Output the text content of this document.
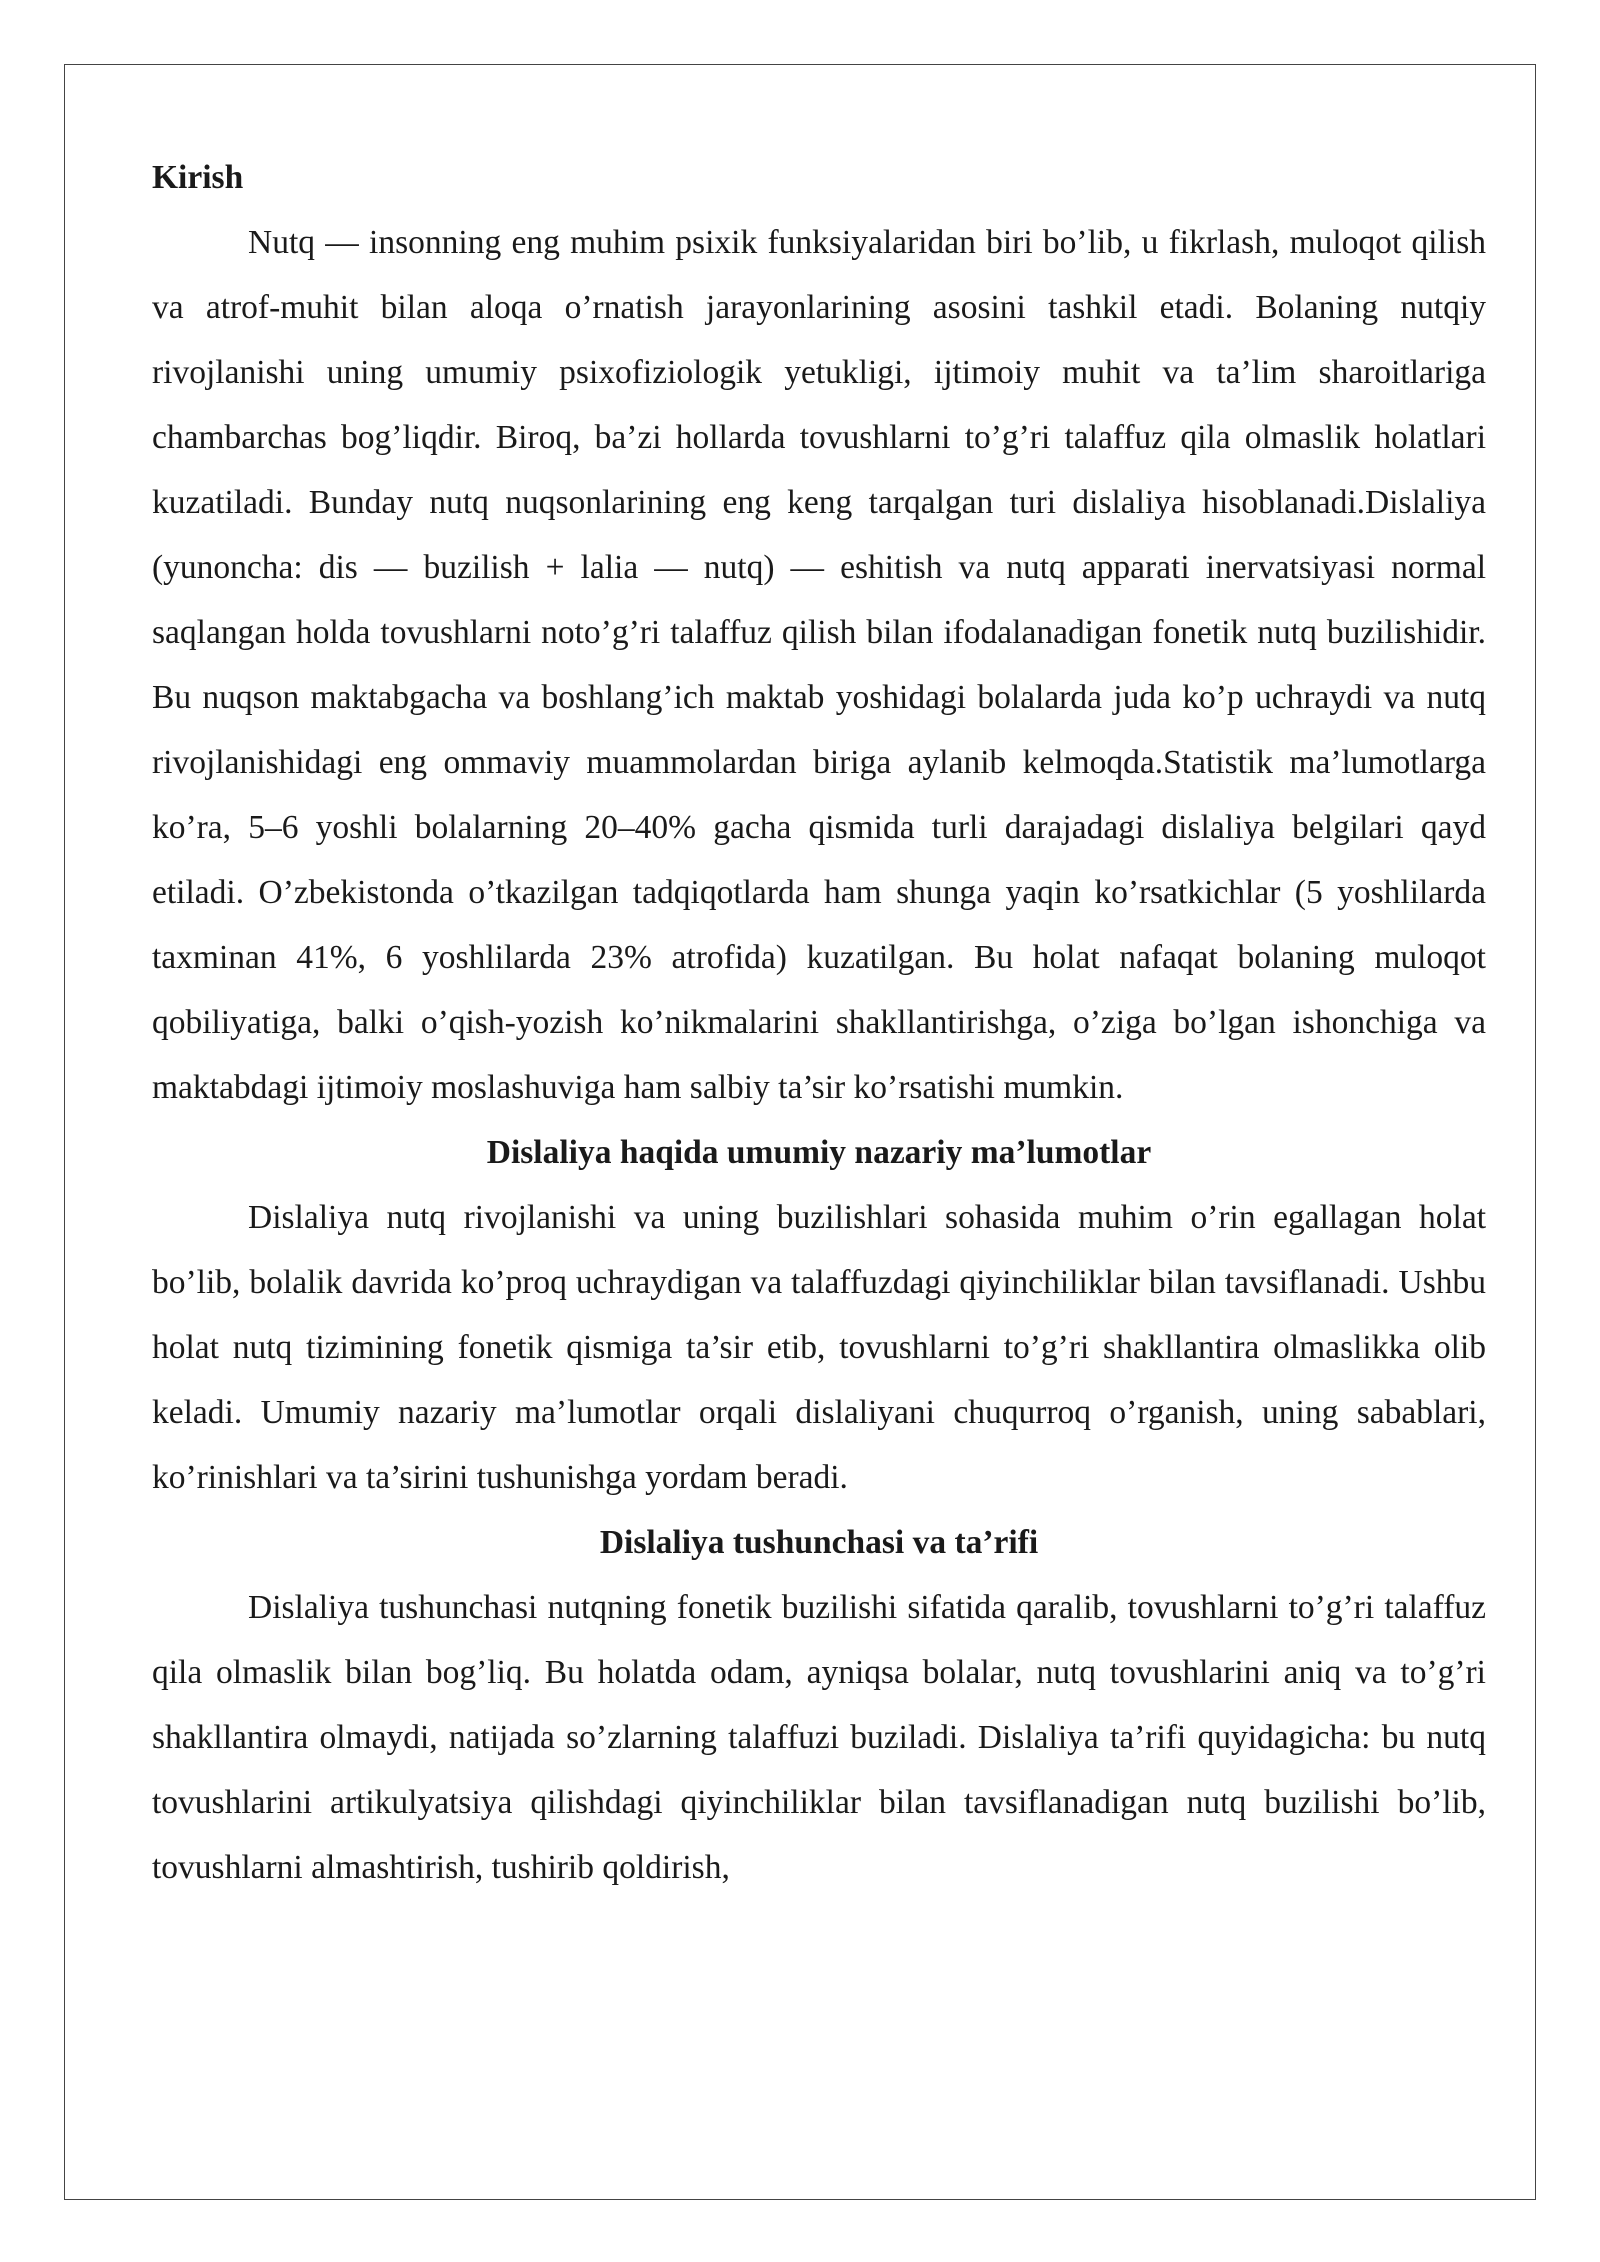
Kirish

Nutq — insonning eng muhim psixik funksiyalaridan biri bo’lib, u fikrlash, muloqot qilish va atrof-muhit bilan aloqa o’rnatish jarayonlarining asosini tashkil etadi. Bolaning nutqiy rivojlanishi uning umumiy psixofiziologik yetukligi, ijtimoiy muhit va ta’lim sharoitlariga chambarchas bog’liqdir. Biroq, ba’zi hollarda tovushlarni to’g’ri talaffuz qila olmaslik holatlari kuzatiladi. Bunday nutq nuqsonlarining eng keng tarqalgan turi dislaliya hisoblanadi.Dislaliya (yunoncha: dis — buzilish + lalia — nutq) — eshitish va nutq apparati inervatsiyasi normal saqlangan holda tovushlarni noto’g’ri talaffuz qilish bilan ifodalanadigan fonetik nutq buzilishidir. Bu nuqson maktabgacha va boshlang’ich maktab yoshidagi bolalarda juda ko’p uchraydi va nutq rivojlanishidagi eng ommaviy muammolardan biriga aylanib kelmoqda.Statistik ma’lumotlarga ko’ra, 5–6 yoshli bolalarning 20–40% gacha qismida turli darajadagi dislaliya belgilari qayd etiladi. O’zbekistonda o’tkazilgan tadqiqotlarda ham shunga yaqin ko’rsatkichlar (5 yoshlilarda taxminan 41%, 6 yoshlilarda 23% atrofida) kuzatilgan. Bu holat nafaqat bolaning muloqot qobiliyatiga, balki o’qish-yozish ko’nikmalarini shakllantirishga, o’ziga bo’lgan ishonchiga va maktabdagi ijtimoiy moslashuviga ham salbiy ta’sir ko’rsatishi mumkin.

Dislaliya haqida umumiy nazariy ma’lumotlar

Dislaliya nutq rivojlanishi va uning buzilishlari sohasida muhim o’rin egallagan holat bo’lib, bolalik davrida ko’proq uchraydigan va talaffuzdagi qiyinchiliklar bilan tavsiflanadi. Ushbu holat nutq tizimining fonetik qismiga ta’sir etib, tovushlarni to’g’ri shakllantira olmaslikka olib keladi. Umumiy nazariy ma’lumotlar orqali dislaliyani chuqurroq o’rganish, uning sabablari, ko’rinishlari va ta’sirini tushunishga yordam beradi.

Dislaliya tushunchasi va ta’rifi

Dislaliya tushunchasi nutqning fonetik buzilishi sifatida qaralib, tovushlarni to’g’ri talaffuz qila olmaslik bilan bog’liq. Bu holatda odam, ayniqsa bolalar, nutq tovushlarini aniq va to’g’ri shakllantira olmaydi, natijada so’zlarning talaffuzi buziladi. Dislaliya ta’rifi quyidagicha: bu nutq tovushlarini artikulyatsiya qilishdagi qiyinchiliklar bilan tavsiflanadigan nutq buzilishi bo’lib, tovushlarni almashtirish, tushirib qoldirish,
